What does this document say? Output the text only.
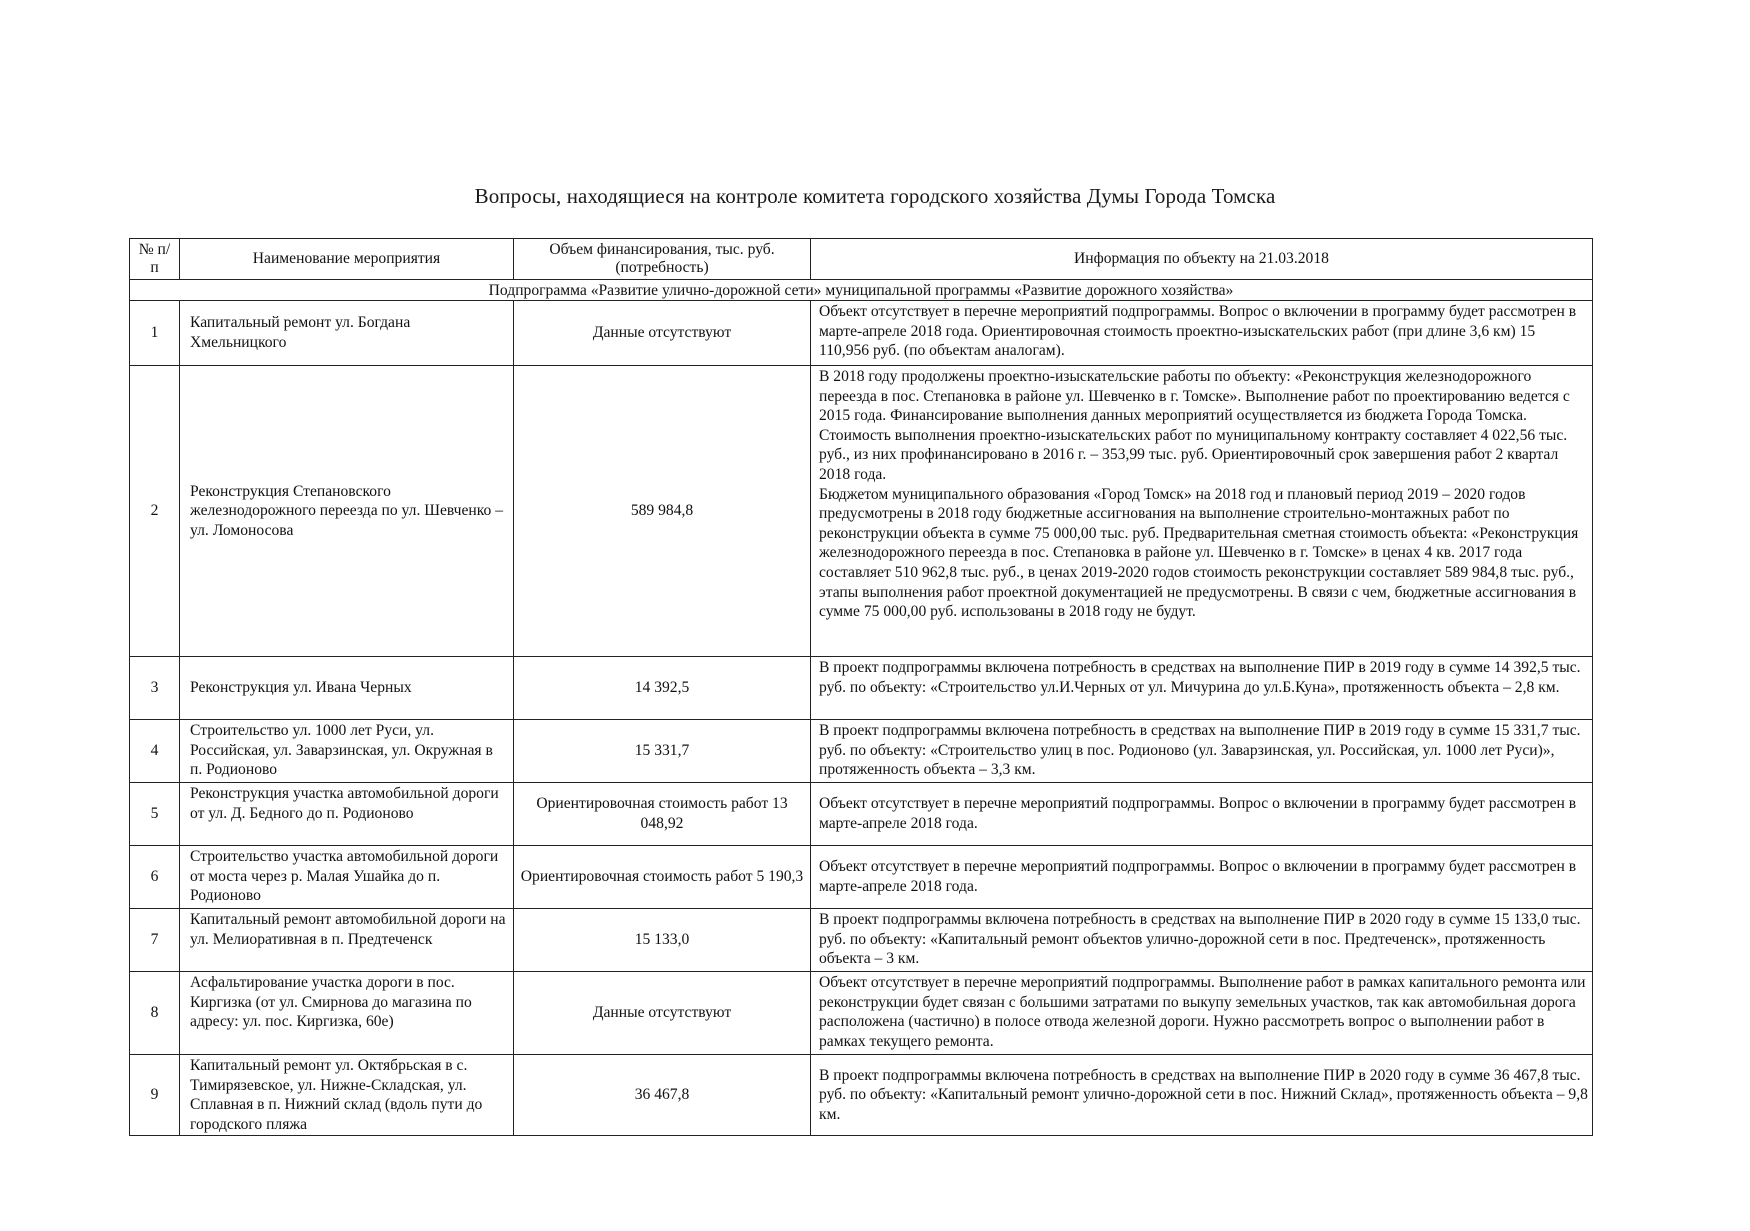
Вопросы, находящиеся на контроле комитета городского хозяйства Думы Города Томска
№ п/п	Наименование мероприятия	Объем финансирования, тыс. руб. (потребность)	Информация по объекту на 21.03.2018
Подпрограмма «Развитие улично-дорожной сети» муниципальной программы «Развитие дорожного хозяйства»			
1	Капитальный ремонт ул. Богдана Хмельницкого	Данные отсутствуют	Объект отсутствует в перечне мероприятий подпрограммы. Вопрос о включении в программу будет рассмотрен в марте-апреле 2018 года. Ориентировочная стоимость проектно-изыскательских работ (при длине 3,6 км) 15 110,956 руб. (по объектам аналогам).
2	Реконструкция Степановского железнодорожного переезда по ул. Шевченко – ул. Ломоносова	589 984,8	В 2018 году продолжены проектно-изыскательские работы по объекту: «Реконструкция железнодорожного переезда в пос. Степановка в районе ул. Шевченко в г. Томске». Выполнение работ по проектированию ведется с 2015 года. Финансирование выполнения данных мероприятий осуществляется из бюджета Города Томска. Стоимость выполнения проектно-изыскательских работ по муниципальному контракту составляет 4 022,56 тыс. руб., из них профинансировано в 2016 г. – 353,99 тыс. руб. Ориентировочный срок завершения работ 2 квартал 2018 года.
Бюджетом муниципального образования «Город Томск» на 2018 год и плановый период 2019 – 2020 годов предусмотрены в 2018 году бюджетные ассигнования на выполнение строительно-монтажных работ по реконструкции объекта в сумме 75 000,00 тыс. руб. Предварительная сметная стоимость объекта: «Реконструкция железнодорожного переезда в пос. Степановка в районе ул. Шевченко в г. Томске» в ценах 4 кв. 2017 года составляет 510 962,8 тыс. руб., в ценах 2019-2020 годов стоимость реконструкции составляет 589 984,8 тыс. руб., этапы выполнения работ проектной документацией не предусмотрены. В связи с чем, бюджетные ассигнования в сумме 75 000,00 руб. использованы в 2018 году не будут.

3	Реконструкция ул. Ивана Черных	14 392,5	В проект подпрограммы включена потребность в средствах на выполнение ПИР в 2019 году в сумме 14 392,5 тыс. руб. по объекту: «Строительство ул.И.Черных от ул. Мичурина до ул.Б.Куна», протяженность объекта – 2,8 км.
4	Строительство ул. 1000 лет Руси, ул. Российская, ул. Заварзинская, ул. Окружная в п. Родионово	15 331,7	В проект подпрограммы включена потребность в средствах на выполнение ПИР в 2019 году в сумме 15 331,7 тыс. руб. по объекту: «Строительство улиц в пос. Родионово (ул. Заварзинская, ул. Российская, ул. 1000 лет Руси)», протяженность объекта – 3,3 км.
5	Реконструкция участка автомобильной дороги от ул. Д. Бедного до п. Родионово	Ориентировочная стоимость работ 13 048,92	Объект отсутствует в перечне мероприятий подпрограммы. Вопрос о включении в программу будет рассмотрен в марте-апреле 2018 года.
6	Строительство участка автомобильной дороги от моста через р. Малая Ушайка до п. Родионово	Ориентировочная стоимость работ 5 190,3	Объект отсутствует в перечне мероприятий подпрограммы. Вопрос о включении в программу будет рассмотрен в марте-апреле 2018 года.
7	Капитальный ремонт автомобильной дороги на ул. Мелиоративная в п. Предтеченск	15 133,0	В проект подпрограммы включена потребность в средствах на выполнение ПИР в 2020 году в сумме 15 133,0 тыс. руб. по объекту: «Капитальный ремонт объектов улично-дорожной сети в пос. Предтеченск», протяженность объекта – 3 км.
8	Асфальтирование участка дороги в пос. Киргизка (от ул. Смирнова до магазина по адресу: ул. пос. Киргизка, 60е)	Данные отсутствуют	Объект отсутствует в перечне мероприятий подпрограммы. Выполнение работ в рамках капитального ремонта или реконструкции будет связан с большими затратами по выкупу земельных участков, так как автомобильная дорога расположена (частично) в полосе отвода железной дороги. Нужно рассмотреть вопрос о выполнении работ в рамках текущего ремонта.
9	Капитальный ремонт ул. Октябрьская в с. Тимирязевское, ул. Нижне-Складская, ул. Сплавная в п. Нижний склад (вдоль пути до городского пляжа	36 467,8	В проект подпрограммы включена потребность в средствах на выполнение ПИР в 2020 году в сумме 36 467,8 тыс. руб. по объекту: «Капитальный ремонт улично-дорожной сети в пос. Нижний Склад», протяженность объекта – 9,8 км.
